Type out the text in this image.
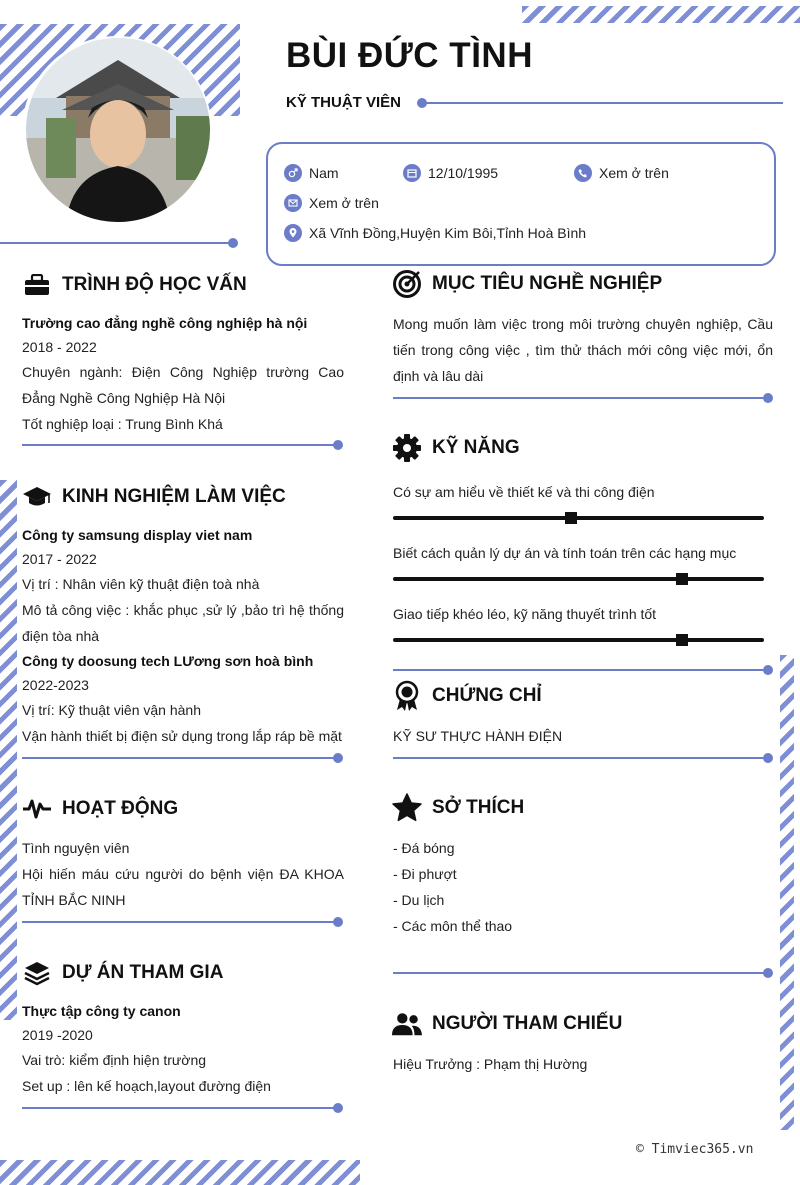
BÙI ĐỨC TÌNH
KỸ THUẬT VIÊN
Nam	12/10/1995	Xem ở trên
Xem ở trên
Xã Vĩnh Đồng,Huyện Kim Bôi,Tỉnh Hoà Bình
TRÌNH ĐỘ HỌC VẤN
Trường cao đẳng nghề công nghiệp hà nội
2018 - 2022
Chuyên ngành: Điện Công Nghiệp trường Cao Đẳng Nghề Công Nghiệp Hà Nội
Tốt nghiệp loại : Trung Bình Khá
KINH NGHIỆM LÀM VIỆC
Công ty samsung display viet nam
2017 - 2022
Vị trí : Nhân viên kỹ thuật điện toà nhà
Mô tả công việc : khắc phục ,sử lý ,bảo trì hệ thống điện tòa nhà
Công ty doosung tech LƯơng sơn hoà bình
2022-2023
Vị trí: Kỹ thuật viên vận hành
Vận hành thiết bị điện sử dụng trong lắp ráp bề mặt
HOẠT ĐỘNG
Tình nguyện viên
Hội hiến máu cứu người do bệnh viện ĐA KHOA TỈNH BẮC NINH
DỰ ÁN THAM GIA
Thực tập công ty canon
2019 -2020
Vai trò: kiểm định hiện trường
Set up : lên kế hoạch,layout đường điện
MỤC TIÊU NGHỀ NGHIỆP
Mong muốn làm việc trong môi trường chuyên nghiệp, Cầu tiến trong công việc , tìm thử thách mới công việc mới, ổn định và lâu dài
KỸ NĂNG
Có sự am hiểu về thiết kế và thi công điện
Biết cách quản lý dự án và tính toán trên các hạng mục
Giao tiếp khéo léo, kỹ năng thuyết trình tốt
CHỨNG CHỈ
KỸ SƯ THỰC HÀNH ĐIỆN
SỞ THÍCH
- Đá bóng
- Đi phượt
- Du lịch
- Các môn thể thao
NGƯỜI THAM CHIẾU
Hiệu Trưởng : Phạm thị Hường
© Timviec365.vn
